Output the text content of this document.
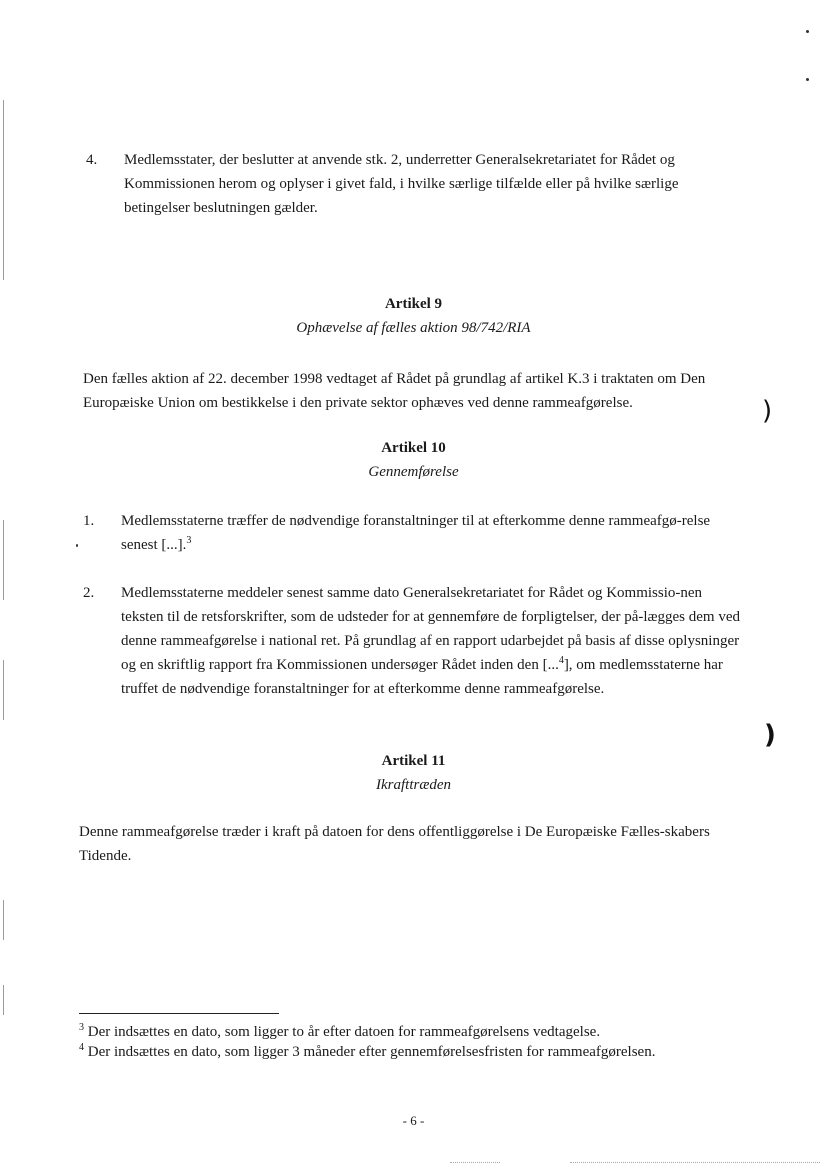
4. Medlemsstater, der beslutter at anvende stk. 2, underretter Generalsekretariatet for Rådet og Kommissionen herom og oplyser i givet fald, i hvilke særlige tilfælde eller på hvilke særlige betingelser beslutningen gælder.

Artikel 9
Ophævelse af fælles aktion 98/742/RIA

Den fælles aktion af 22. december 1998 vedtaget af Rådet på grundlag af artikel K.3 i traktaten om Den Europæiske Union om bestikkelse i den private sektor ophæves ved denne rammeafgørelse.	)
Artikel 10
Gennemførelse
1. Medlemsstaterne træffer de nødvendige foranstaltninger til at efterkomme denne rammeafgø-relse senest [...].$^3$

2. Medlemsstaterne meddeler senest samme dato Generalsekretariatet for Rådet og Kommissio-nen teksten til de retsforskrifter, som de udsteder for at gennemføre de forpligtelser, der på-lægges dem ved denne rammeafgørelse i national ret. På grundlag af en rapport udarbejdet på basis af disse oplysninger og en skriftlig rapport fra Kommissionen undersøger Rådet inden den [...$^4$], om medlemsstaterne har truffet de nødvendige foranstaltninger for at efterkomme denne rammeafgørelse.

)
Artikel 11
Ikrafttræden

Denne rammeafgørelse træder i kraft på datoen for dens offentliggørelse i De Europæiske Fælles-skabers Tidende.

$^3$ Der indsættes en dato, som ligger to år efter datoen for rammeafgørelsens vedtagelse.
$^4$ Der indsættes en dato, som ligger 3 måneder efter gennemførelsesfristen for rammeafgørelsen.
- 6 -
